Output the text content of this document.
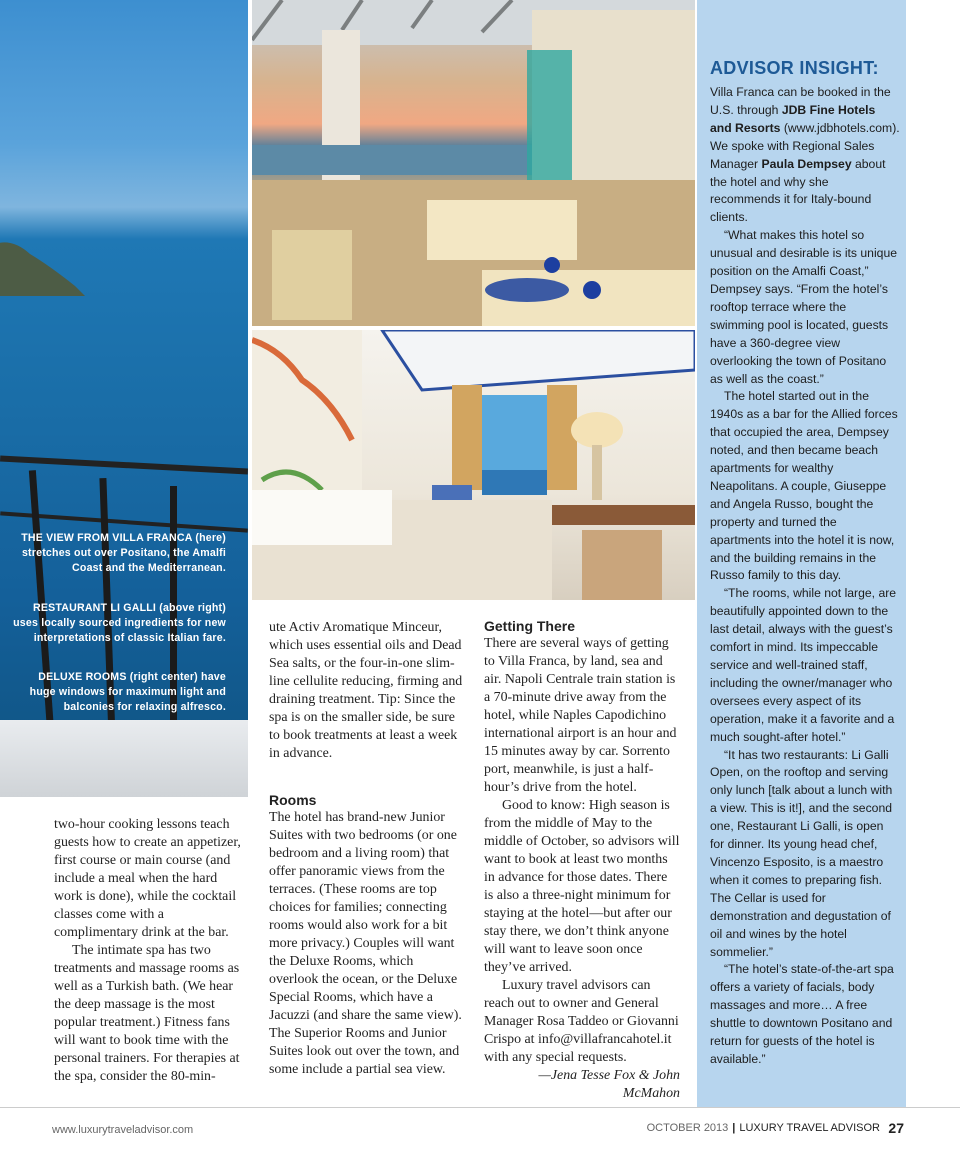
THE VIEW FROM VILLA FRANCA (here) stretches out over Positano, the Amalfi Coast and the Mediterranean.
RESTAURANT LI GALLI (above right) uses locally sourced ingredients for new interpretations of classic Italian fare.
DELUXE ROOMS (right center) have huge windows for maximum light and balconies for relaxing alfresco.
ADVISOR INSIGHT:

Villa Franca can be booked in the U.S. through JDB Fine Hotels and Resorts (www.jdbhotels.com). We spoke with Regional Sales Manager Paula Dempsey about the hotel and why she recommends it for Italy-bound clients.

“What makes this hotel so unusual and desirable is its unique position on the Amalfi Coast,” Dempsey says. “From the hotel’s rooftop terrace where the swimming pool is located, guests have a 360-degree view overlooking the town of Positano as well as the coast.”

The hotel started out in the 1940s as a bar for the Allied forces that occupied the area, Dempsey noted, and then became beach apartments for wealthy Neapolitans. A couple, Giuseppe and Angela Russo, bought the property and turned the apartments into the hotel it is now, and the building remains in the Russo family to this day.

“The rooms, while not large, are beautifully appointed down to the last detail, always with the guest’s comfort in mind. Its impeccable service and well-trained staff, including the owner/manager who oversees every aspect of its operation, make it a favorite and a much sought-after hotel.”

“It has two restaurants: Li Galli Open, on the rooftop and serving only lunch [talk about a lunch with a view. This is it!], and the second one, Restaurant Li Galli, is open for dinner. Its young head chef, Vincenzo Esposito, is a maestro when it comes to preparing fish. The Cellar is used for demonstration and degustation of oil and wines by the hotel sommelier.”

“The hotel’s state-of-the-art spa offers a variety of facials, body massages and more… A free shuttle to downtown Positano and return for guests of the hotel is available.”

two-hour cooking lessons teach guests how to create an appetizer, first course or main course (and include a meal when the hard work is done), while the cocktail classes come with a complimentary drink at the bar.

The intimate spa has two treatments and massage rooms as well as a Turkish bath. (We hear the deep massage is the most popular treatment.) Fitness fans will want to book time with the personal trainers. For therapies at the spa, consider the 80-min-

ute Activ Aromatique Minceur, which uses essential oils and Dead Sea salts, or the four-in-one slim-line cellulite reducing, firming and draining treatment. Tip: Since the spa is on the smaller side, be sure to book treatments at least a week in advance.

Rooms

The hotel has brand-new Junior Suites with two bedrooms (or one bedroom and a living room) that offer panoramic views from the terraces. (These rooms are top choices for families; connecting rooms would also work for a bit more privacy.) Couples will want the Deluxe Rooms, which overlook the ocean, or the Deluxe Special Rooms, which have a Jacuzzi (and share the same view). The Superior Rooms and Junior Suites look out over the town, and some include a partial sea view.

Getting There

There are several ways of getting to Villa Franca, by land, sea and air. Napoli Centrale train station is a 70-minute drive away from the hotel, while Naples Capodichino international airport is an hour and 15 minutes away by car. Sorrento port, meanwhile, is just a half-hour’s drive from the hotel.

Good to know: High season is from the middle of May to the middle of October, so advisors will want to book at least two months in advance for those dates. There is also a three-night minimum for staying at the hotel—but after our stay there, we don’t think anyone will want to leave soon once they’ve arrived.

Luxury travel advisors can reach out to owner and General Manager Rosa Taddeo or Giovanni Crispo at info@villafrancahotel.it with any special requests.

—Jena Tesse Fox & John McMahon
www.luxurytraveladvisor.com	OCTOBER 2013 | LUXURY TRAVEL ADVISOR 27
